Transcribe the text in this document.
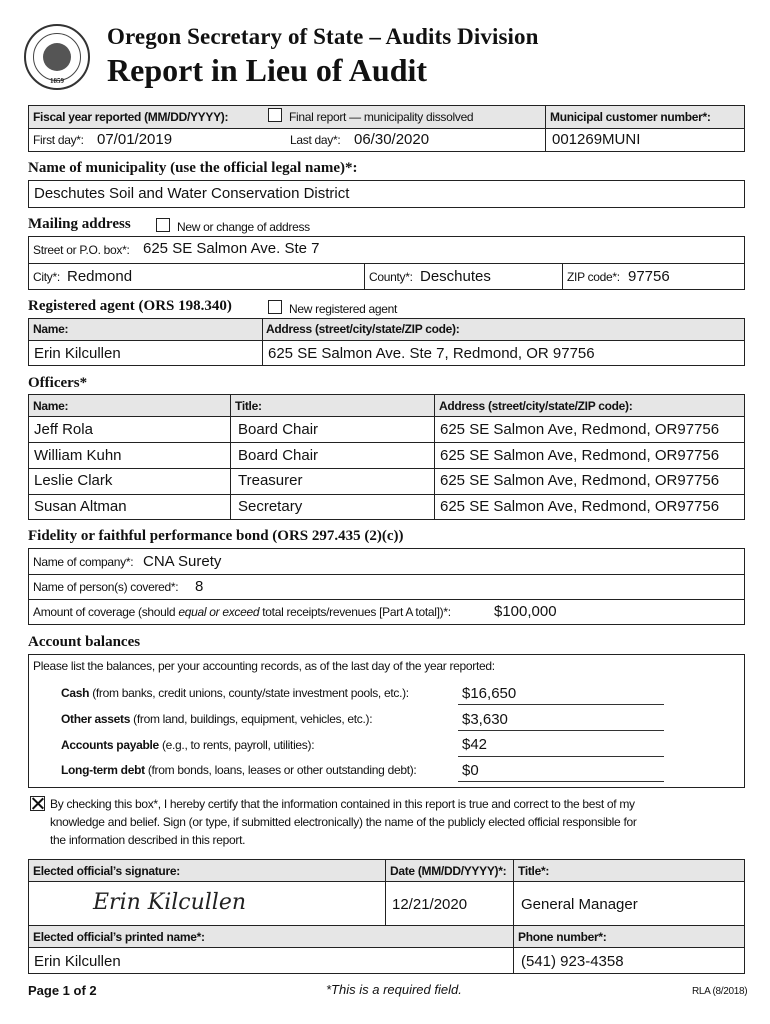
1859
Oregon Secretary of State – Audits Division
Report in Lieu of Audit
Fiscal year reported (MM/DD/YYYY):	Final report — municipality dissolved	Municipal customer number*:
First day*: 07/01/2019	Last day*: 06/30/2020	001269MUNI
Name of municipality (use the official legal name)*:
Deschutes Soil and Water Conservation District
Mailing address	New or change of address
Street or P.O. box*: 625 SE Salmon Ave. Ste 7
City*: Redmond	County*: Deschutes	ZIP code*: 97756
Registered agent (ORS 198.340)	New registered agent
Name:	Address (street/city/state/ZIP code):
Erin Kilcullen	625 SE Salmon Ave. Ste 7, Redmond, OR 97756
Officers*
Name:	Title:	Address (street/city/state/ZIP code):
Jeff Rola	Board Chair	625 SE Salmon Ave, Redmond, OR97756
William Kuhn	Board Chair	625 SE Salmon Ave, Redmond, OR97756
Leslie Clark	Treasurer	625 SE Salmon Ave, Redmond, OR97756
Susan Altman	Secretary	625 SE Salmon Ave, Redmond, OR97756
Fidelity or faithful performance bond (ORS 297.435 (2)(c))
Name of company*: CNA Surety
Name of person(s) covered*: 8
Amount of coverage (should equal or exceed total receipts/revenues [Part A total])*:	$100,000
Account balances
Please list the balances, per your accounting records, as of the last day of the year reported:
Cash (from banks, credit unions, county/state investment pools, etc.):	$16,650
Other assets (from land, buildings, equipment, vehicles, etc.):	$3,630
Accounts payable (e.g., to rents, payroll, utilities):	$42
Long-term debt (from bonds, loans, leases or other outstanding debt):	$0
By checking this box*, I hereby certify that the information contained in this report is true and correct to the best of my
knowledge and belief. Sign (or type, if submitted electronically) the name of the publicly elected official responsible for
the information described in this report.
Elected official’s signature:	Date (MM/DD/YYYY)*: Title*:
Erin Kilcullen	12/21/2020	General Manager
Elected official’s printed name*:	Phone number*:
Erin Kilcullen	(541) 923-4358
Page 1 of 2	*This is a required field.	RLA (8/2018)
